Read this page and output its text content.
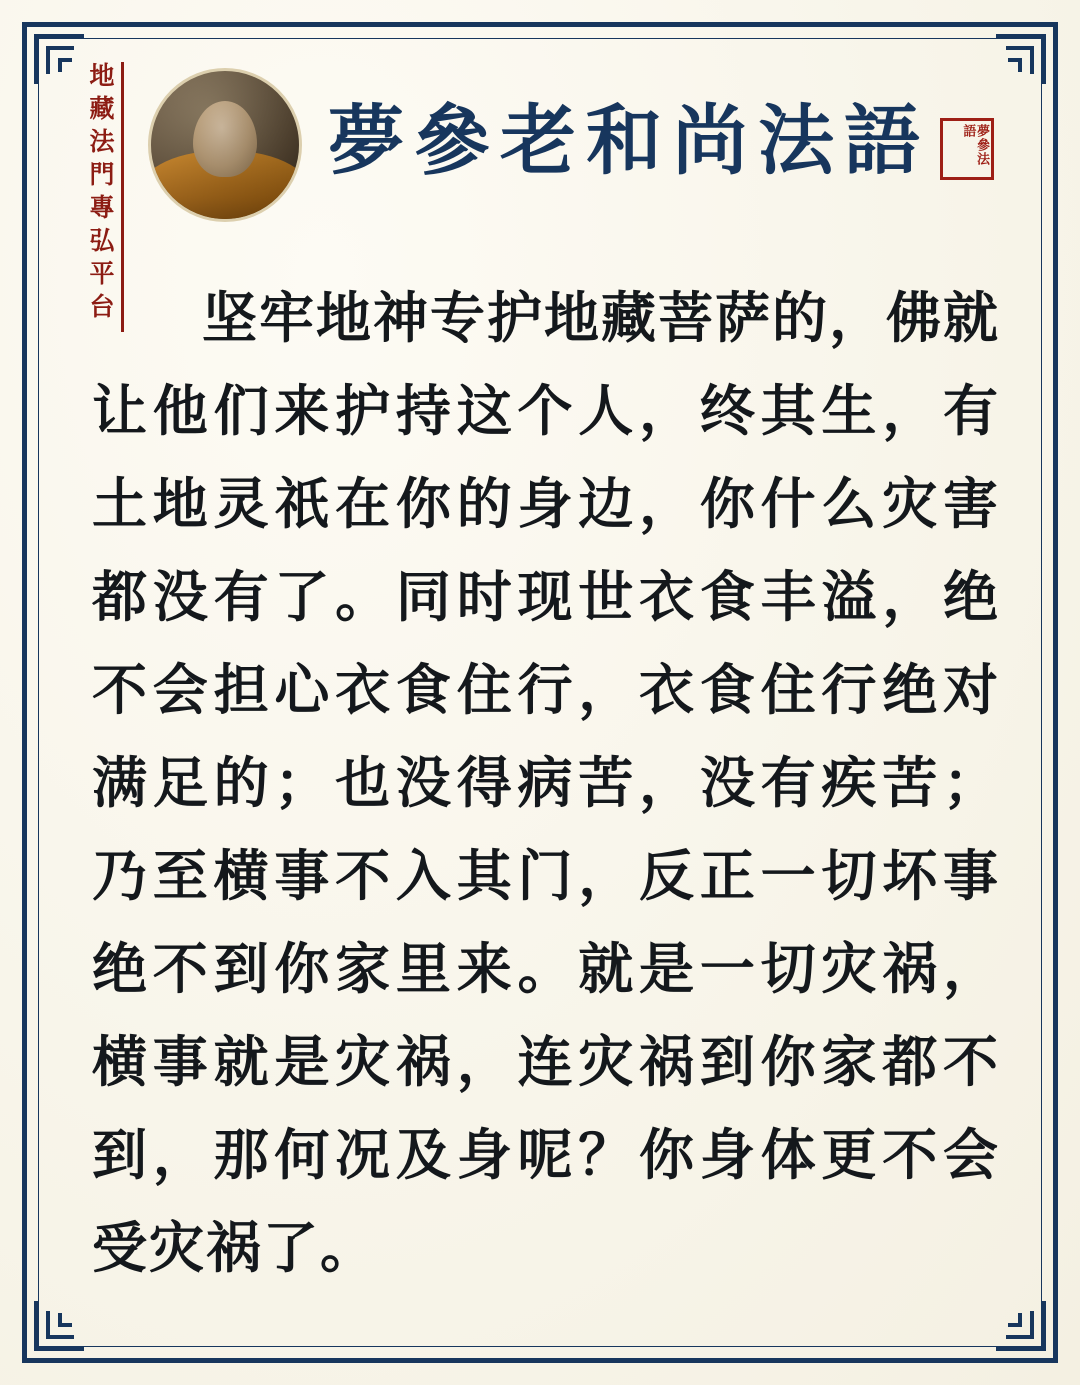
地藏法門專弘平台	夢參老和尚法語	夢參法語
坚牢地神专护地藏菩萨的，佛就让他们来护持这个人，终其生，有土地灵祇在你的身边，你什么灾害都没有了。同时现世衣食丰溢，绝不会担心衣食住行，衣食住行绝对满足的；也没得病苦，没有疾苦；乃至横事不入其门，反正一切坏事绝不到你家里来。就是一切灾祸，横事就是灾祸，连灾祸到你家都不到，那何况及身呢？你身体更不会受灾祸了。
